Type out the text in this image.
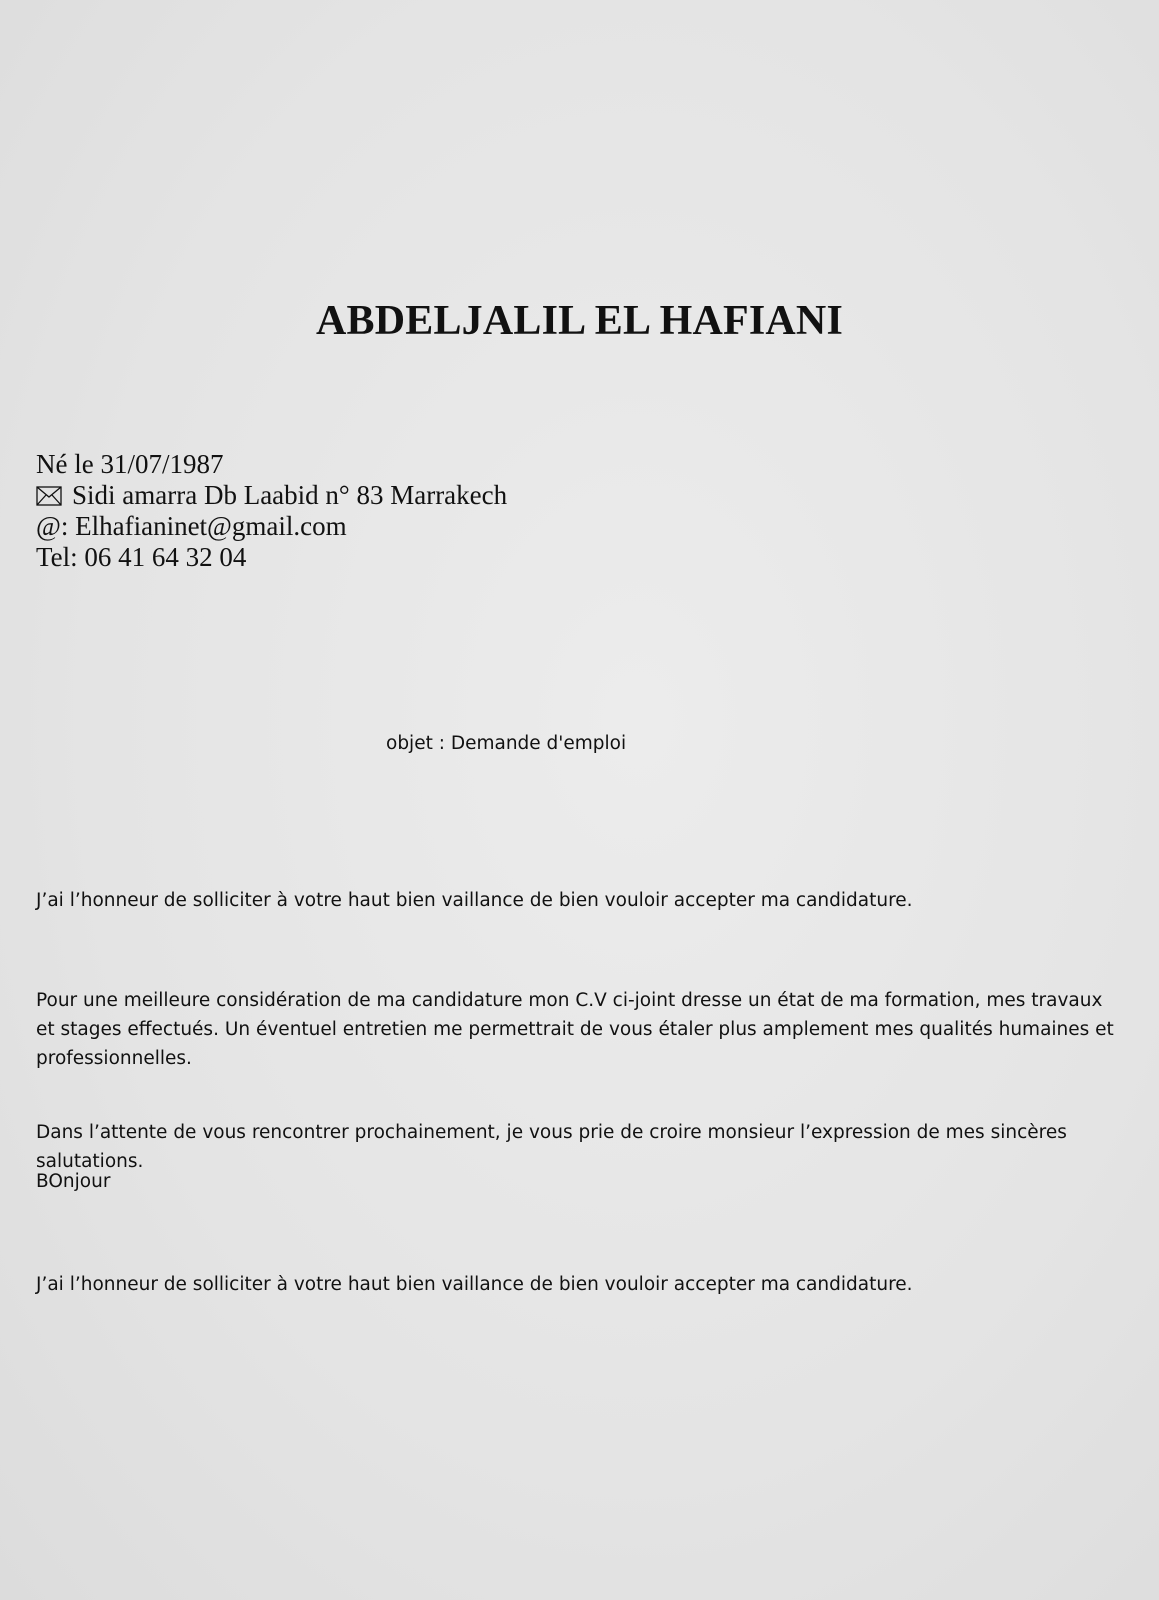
ABDELJALIL EL HAFIANI
Né le 31/07/1987
Sidi amarra Db Laabid n° 83 Marrakech
@: Elhafianinet@gmail.com
Tel: 06 41 64 32 04
objet : Demande d'emploi

J’ai l’honneur de solliciter à votre haut bien vaillance de bien vouloir accepter ma candidature.

Pour une meilleure considération de ma candidature mon C.V ci-joint dresse un état de ma formation, mes travaux et stages effectués. Un éventuel entretien me permettrait de vous étaler plus amplement mes qualités humaines et professionnelles.

Dans l’attente de vous rencontrer prochainement, je vous prie de croire monsieur l’expression de mes sincères salutations.

BOnjour

J’ai l’honneur de solliciter à votre haut bien vaillance de bien vouloir accepter ma candidature.
